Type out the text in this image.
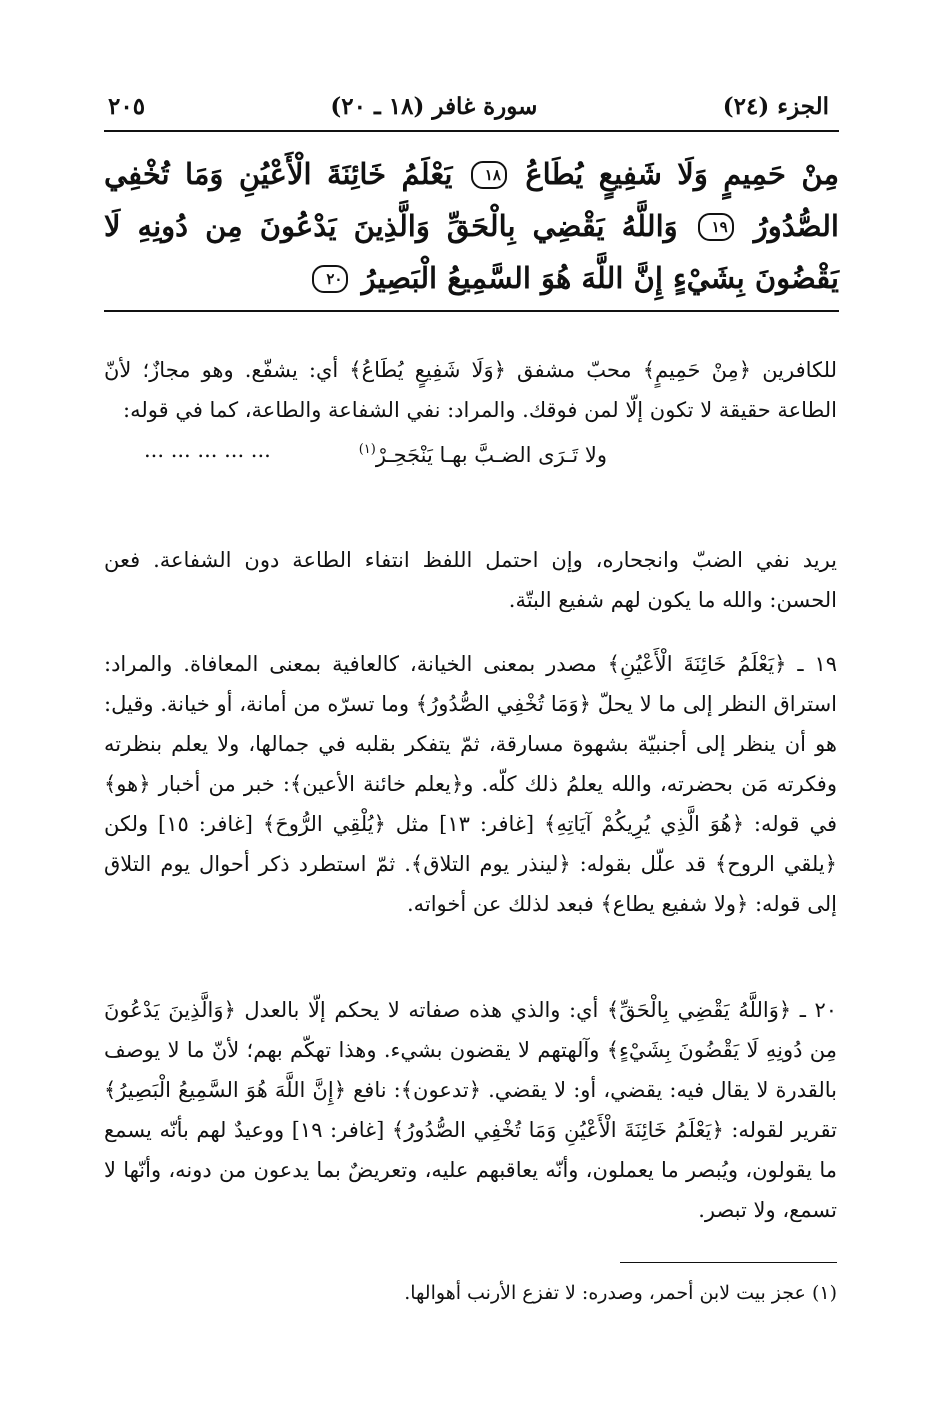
الجزء (٢٤)
سورة غافر (١٨ ـ ٢٠)
٢٠٥
مِنْ حَمِيمٍ وَلَا شَفِيعٍ يُطَاعُ ١٨ يَعْلَمُ خَائِنَةَ الْأَعْيُنِ وَمَا تُخْفِي الصُّدُورُ ١٩ وَاللَّهُ يَقْضِي بِالْحَقِّ وَالَّذِينَ يَدْعُونَ مِن دُونِهِ لَا يَقْضُونَ بِشَيْءٍ إِنَّ اللَّهَ هُوَ السَّمِيعُ الْبَصِيرُ ٢٠

للكافرين ﴿مِنْ حَمِيمٍ﴾ محبّ مشفق ﴿وَلَا شَفِيعٍ يُطَاعُ﴾ أي: يشفّع. وهو مجازٌ؛ لأنّ الطاعة حقيقة لا تكون إلّا لمن فوقك. والمراد: نفي الشفاعة والطاعة، كما في قوله:

ولا تَـرَى الضـبَّ بهـا يَنْجَحِـرْ$^{(١)}$
... ... ... ... ...

يريد نفي الضبّ وانجحاره، وإن احتمل اللفظ انتفاء الطاعة دون الشفاعة. فعن الحسن: والله ما يكون لهم شفيع البتّة.

١٩ ـ ﴿يَعْلَمُ خَائِنَةَ الْأَعْيُنِ﴾ مصدر بمعنى الخيانة، كالعافية بمعنى المعافاة. والمراد: استراق النظر إلى ما لا يحلّ ﴿وَمَا تُخْفِي الصُّدُورُ﴾ وما تسرّه من أمانة، أو خيانة. وقيل: هو أن ينظر إلى أجنبيّة بشهوة مسارقة، ثمّ يتفكر بقلبه في جمالها، ولا يعلم بنظرته وفكرته مَن بحضرته، والله يعلمُ ذلك كلّه. و﴿يعلم خائنة الأعين﴾: خبر من أخبار ﴿هو﴾ في قوله: ﴿هُوَ الَّذِي يُرِيكُمْ آيَاتِهِ﴾ [غافر: ١٣] مثل ﴿يُلْقِي الرُّوحَ﴾ [غافر: ١٥] ولكن ﴿يلقي الروح﴾ قد علّل بقوله: ﴿لينذر يوم التلاق﴾. ثمّ استطرد ذكر أحوال يوم التلاق إلى قوله: ﴿ولا شفيع يطاع﴾ فبعد لذلك عن أخواته.

٢٠ ـ ﴿وَاللَّهُ يَقْضِي بِالْحَقِّ﴾ أي: والذي هذه صفاته لا يحكم إلّا بالعدل ﴿وَالَّذِينَ يَدْعُونَ مِن دُونِهِ لَا يَقْضُونَ بِشَيْءٍ﴾ وآلهتهم لا يقضون بشيء. وهذا تهكّم بهم؛ لأنّ ما لا يوصف بالقدرة لا يقال فيه: يقضي، أو: لا يقضي. ﴿تدعون﴾: نافع ﴿إِنَّ اللَّهَ هُوَ السَّمِيعُ الْبَصِيرُ﴾ تقرير لقوله: ﴿يَعْلَمُ خَائِنَةَ الْأَعْيُنِ وَمَا تُخْفِي الصُّدُورُ﴾ [غافر: ١٩] ووعيدٌ لهم بأنّه يسمع ما يقولون، ويُبصر ما يعملون، وأنّه يعاقبهم عليه، وتعريضٌ بما يدعون من دونه، وأنّها لا تسمع، ولا تبصر.

(١) عجز بيت لابن أحمر، وصدره: لا تفزع الأرنب أهوالها.
